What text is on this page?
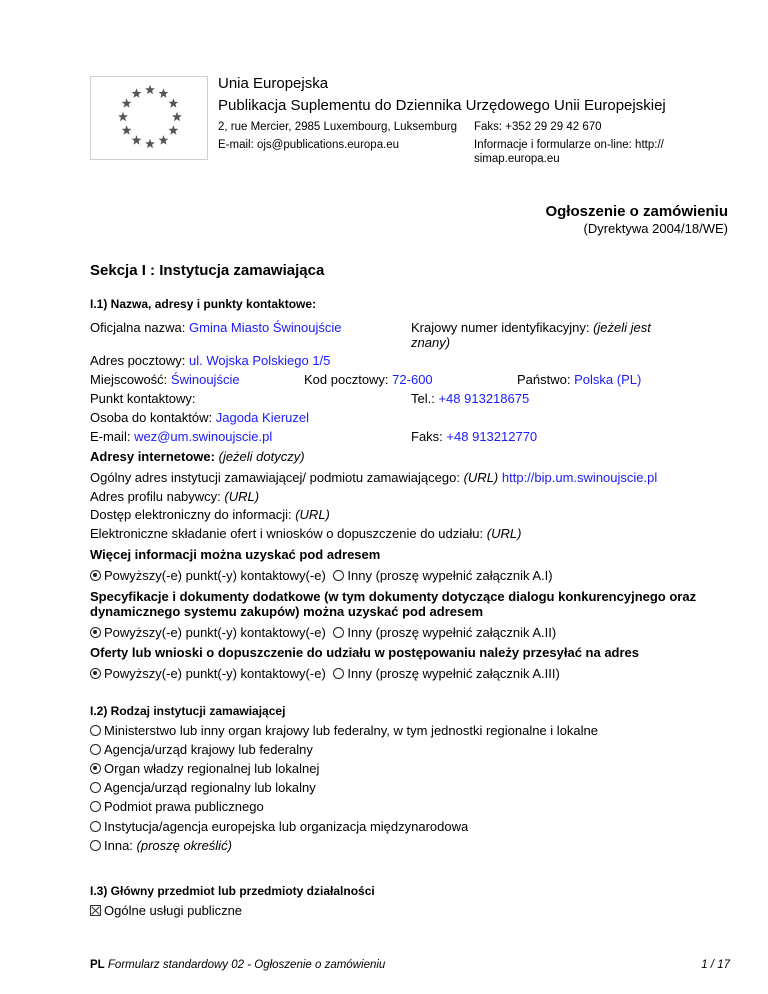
Unia Europejska
Publikacja Suplementu do Dziennika Urzędowego Unii Europejskiej
2, rue Mercier, 2985 Luxembourg, Luksemburg Faks: +352 29 29 42 670
E-mail: ojs@publications.europa.eu	Informacje i formularze on-line: http://
simap.europa.eu
Ogłoszenie o zamówieniu
(Dyrektywa 2004/18/WE)
Sekcja I : Instytucja zamawiająca
I.1) Nazwa, adresy i punkty kontaktowe:
Oficjalna nazwa: Gmina Miasto Świnoujście	Krajowy numer identyfikacyjny: (jeżeli jest
znany)
Adres pocztowy: ul. Wojska Polskiego 1/5
Miejscowość: Świnoujście	Kod pocztowy: 72-600	Państwo: Polska (PL)
Punkt kontaktowy:	Tel.: +48 913218675
Osoba do kontaktów: Jagoda Kieruzel
E-mail: wez@um.swinoujscie.pl	Faks: +48 913212770
Adresy internetowe: (jeżeli dotyczy)
Ogólny adres instytucji zamawiającej/ podmiotu zamawiającego: (URL) http://bip.um.swinoujscie.pl
Adres profilu nabywcy: (URL)
Dostęp elektroniczny do informacji: (URL)
Elektroniczne składanie ofert i wniosków o dopuszczenie do udziału: (URL)
Więcej informacji można uzyskać pod adresem
Powyższy(-e) punkt(-y) kontaktowy(-e) Inny (proszę wypełnić załącznik A.I)
Specyfikacje i dokumenty dodatkowe (w tym dokumenty dotyczące dialogu konkurencyjnego oraz
dynamicznego systemu zakupów) można uzyskać pod adresem
Powyższy(-e) punkt(-y) kontaktowy(-e) Inny (proszę wypełnić załącznik A.II)
Oferty lub wnioski o dopuszczenie do udziału w postępowaniu należy przesyłać na adres
Powyższy(-e) punkt(-y) kontaktowy(-e) Inny (proszę wypełnić załącznik A.III)
I.2) Rodzaj instytucji zamawiającej
Ministerstwo lub inny organ krajowy lub federalny, w tym jednostki regionalne i lokalne
Agencja/urząd krajowy lub federalny
Organ władzy regionalnej lub lokalnej
Agencja/urząd regionalny lub lokalny
Podmiot prawa publicznego
Instytucja/agencja europejska lub organizacja międzynarodowa
Inna: (proszę określić)
I.3) Główny przedmiot lub przedmioty działalności
Ogólne usługi publiczne
PL Formularz standardowy 02 - Ogłoszenie o zamówieniu	1 / 17
